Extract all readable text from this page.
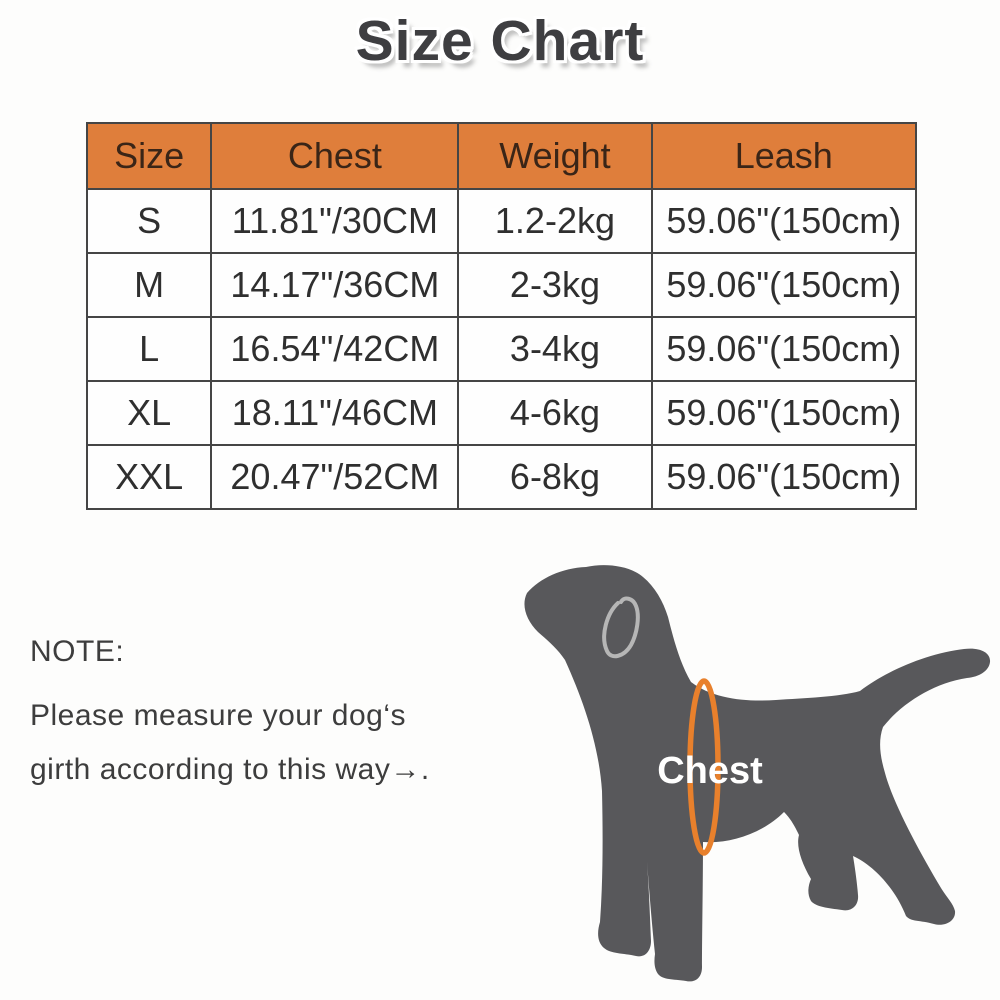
Size Chart
Size	Chest	Weight	Leash
S	11.81"/30CM	1.2-2kg	59.06"(150cm)
M	14.17"/36CM	2-3kg	59.06"(150cm)
L	16.54"/42CM	3-4kg	59.06"(150cm)
XL	18.11"/46CM	4-6kg	59.06"(150cm)
XXL	20.47"/52CM	6-8kg	59.06"(150cm)

NOTE:

Please measure your dog‘s

girth according to this way→.	Chest
